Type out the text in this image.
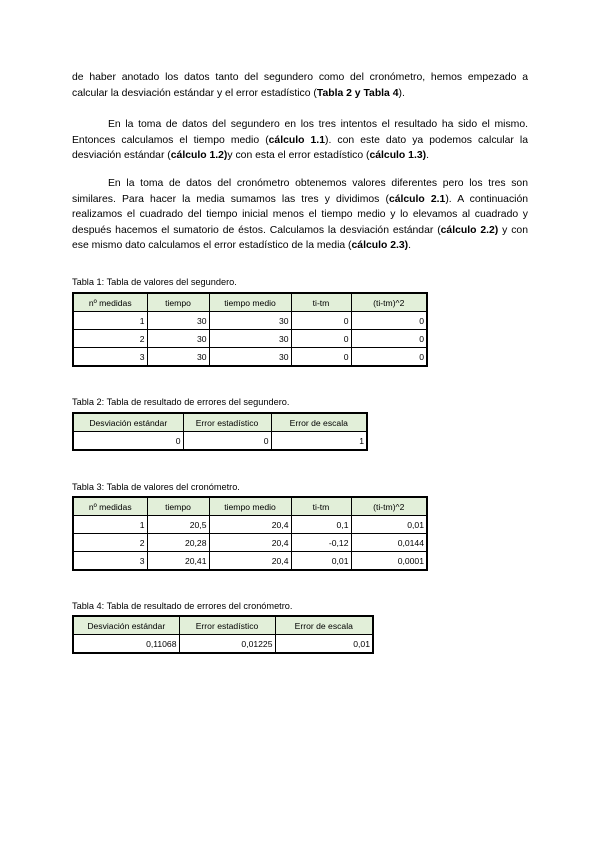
de haber anotado los datos tanto del segundero como del cronómetro, hemos empezado a calcular la desviación estándar y el error estadístico (Tabla 2 y Tabla 4).

En la toma de datos del segundero en los tres intentos el resultado ha sido el mismo. Entonces calculamos el tiempo medio (cálculo 1.1). con este dato ya podemos calcular la desviación estándar (cálculo 1.2)y con esta el error estadístico (cálculo 1.3).

En la toma de datos del cronómetro obtenemos valores diferentes pero los tres son similares. Para hacer la media sumamos las tres y dividimos (cálculo 2.1). A continuación realizamos el cuadrado del tiempo inicial menos el tiempo medio y lo elevamos al cuadrado y después hacemos el sumatorio de éstos. Calculamos la desviación estándar (cálculo 2.2) y con ese mismo dato calculamos el error estadístico de la media (cálculo 2.3).

Tabla 1: Tabla de valores del segundero.

nº medidas	tiempo	tiempo medio	ti-tm	(ti-tm)^2
1	30	30	0	0
2	30	30	0	0
3	30	30	0	0

Tabla 2: Tabla de resultado de errores del segundero.

Desviación estándar	Error estadístico	Error de escala
0	0	1

Tabla 3: Tabla de valores del cronómetro.

nº medidas	tiempo	tiempo medio	ti-tm	(ti-tm)^2
1	20,5	20,4	0,1	0,01
2	20,28	20,4	-0,12	0,0144
3	20,41	20,4	0,01	0,0001

Tabla 4: Tabla de resultado de errores del cronómetro.

Desviación estándar	Error estadístico	Error de escala
0,11068	0,01225	0,01
